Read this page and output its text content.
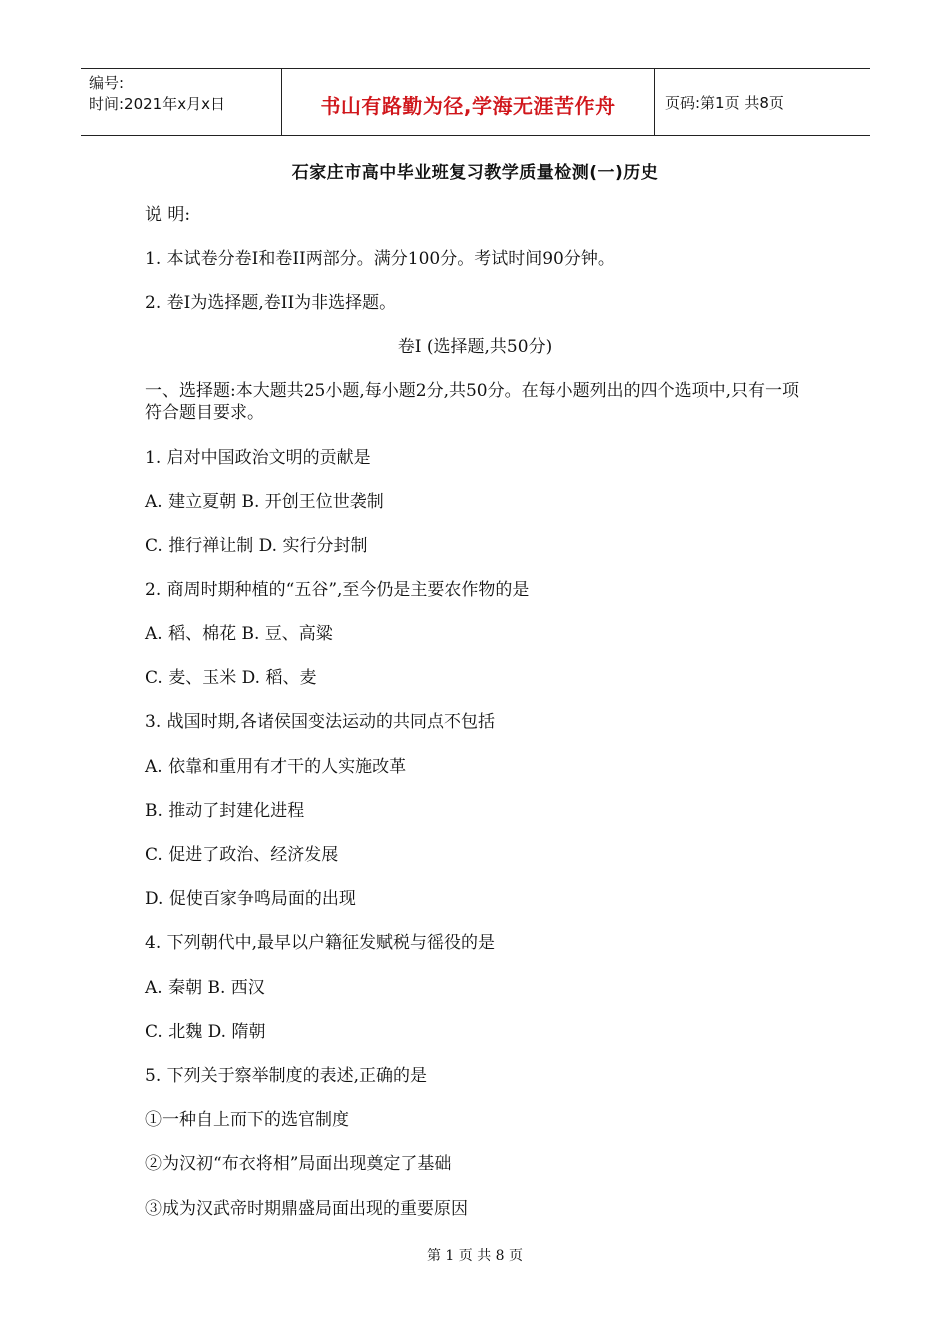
编号:
时间:2021年x月x日	书山有路勤为径,学海无涯苦作舟	页码:第1页 共8页
石家庄市高中毕业班复习教学质量检测(一)历史
说 明:
1. 本试卷分卷I和卷II两部分。满分100分。考试时间90分钟。
2. 卷I为选择题,卷II为非选择题。
卷I (选择题,共50分)
一、选择题:本大题共25小题,每小题2分,共50分。在每小题列出的四个选项中,只有一项符合题目要求。
1. 启对中国政治文明的贡献是
A. 建立夏朝 B. 开创王位世袭制
C. 推行禅让制 D. 实行分封制
2. 商周时期种植的“五谷”,至今仍是主要农作物的是
A. 稻、棉花 B. 豆、高粱
C. 麦、玉米 D. 稻、麦
3. 战国时期,各诸侯国变法运动的共同点不包括
A. 依靠和重用有才干的人实施改革
B. 推动了封建化进程
C. 促进了政治、经济发展
D. 促使百家争鸣局面的出现
4. 下列朝代中,最早以户籍征发赋税与徭役的是
A. 秦朝 B. 西汉
C. 北魏 D. 隋朝
5. 下列关于察举制度的表述,正确的是
①一种自上而下的选官制度
②为汉初“布衣将相”局面出现奠定了基础
③成为汉武帝时期鼎盛局面出现的重要原因
第 1 页 共 8 页
